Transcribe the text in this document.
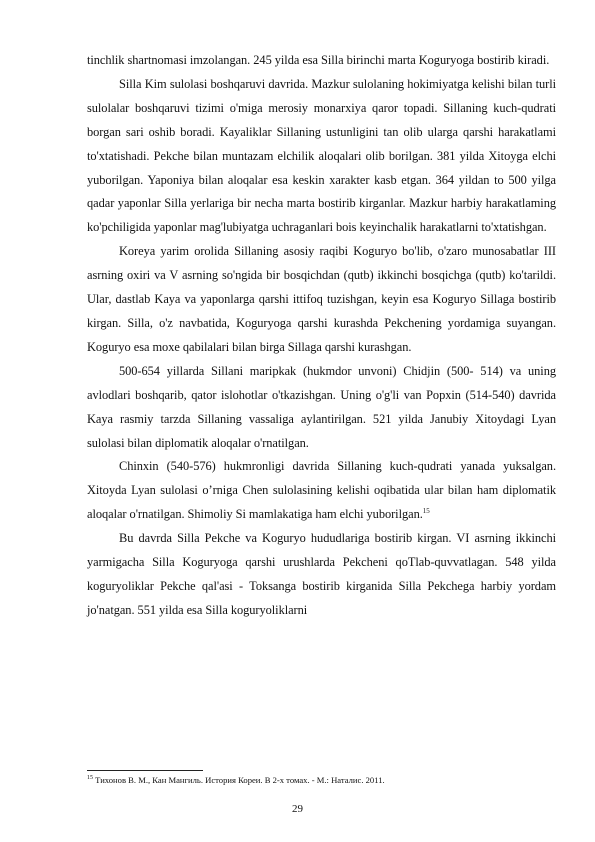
tinchlik shartnomasi imzolangan. 245 yilda esa Silla birinchi marta Koguryoga bostirib kiradi.

Silla Kim sulolasi boshqaruvi davrida. Mazkur sulolaning hokimiyatga kelishi bilan turli sulolalar boshqaruvi tizimi o'miga merosiy monarxiya qaror topadi. Sillaning kuch-qudrati borgan sari oshib boradi. Kayaliklar Sillaning ustunligini tan olib ularga qarshi harakatlami to'xtatishadi. Pekche bilan muntazam elchilik aloqalari olib borilgan. 381 yilda Xitoyga elchi yuborilgan. Yaponiya bilan aloqalar esa keskin xarakter kasb etgan. 364 yildan to 500 yilga qadar yaponlar Silla yerlariga bir necha marta bostirib kirganlar. Mazkur harbiy harakatlaming ko'pchiligida yaponlar mag'lubiyatga uchraganlari bois keyinchalik harakatlarni to'xtatishgan.

Koreya yarim orolida Sillaning asosiy raqibi Koguryo bo'lib, o'zaro munosabatlar III asrning oxiri va V asrning so'ngida bir bosqichdan (qutb) ikkinchi bosqichga (qutb) ko'tarildi. Ular, dastlab Kaya va yaponlarga qarshi ittifoq tuzishgan, keyin esa Koguryo Sillaga bostirib kirgan. Silla, o'z navbatida, Koguryoga qarshi kurashda Pekchening yordamiga suyangan. Koguryo esa moxe qabilalari bilan birga Sillaga qarshi kurashgan.

500-654 yillarda Sillani maripkak (hukmdor unvoni) Chidjin (500- 514) va uning avlodlari boshqarib, qator islohotlar o'tkazishgan. Uning o'g'li van Popxin (514-540) davrida Kaya rasmiy tarzda Sillaning vassaliga aylantirilgan. 521 yilda Janubiy Xitoydagi Lyan sulolasi bilan diplomatik aloqalar o'rnatilgan.

Chinxin (540-576) hukmronligi davrida Sillaning kuch-qudrati yanada yuksalgan. Xitoyda Lyan sulolasi o’rniga Chen sulolasining kelishi oqibatida ular bilan ham diplomatik aloqalar o'rnatilgan. Shimoliy Si mamlakatiga ham elchi yuborilgan.$^{15}$

Bu davrda Silla Pekche va Koguryo hududlariga bostirib kirgan. VI asrning ikkinchi yarmigacha Silla Koguryoga qarshi urushlarda Pekcheni qoTlab-quvvatlagan. 548 yilda koguryoliklar Pekche qal'asi - Toksanga bostirib kirganida Silla Pekchega harbiy yordam jo'natgan. 551 yilda esa Silla koguryoliklarni

$^{15}$ Тихонов В. М., Кан Мангиль. История Кореи. В 2-х томах. - М.: Наталис. 2011.
29
